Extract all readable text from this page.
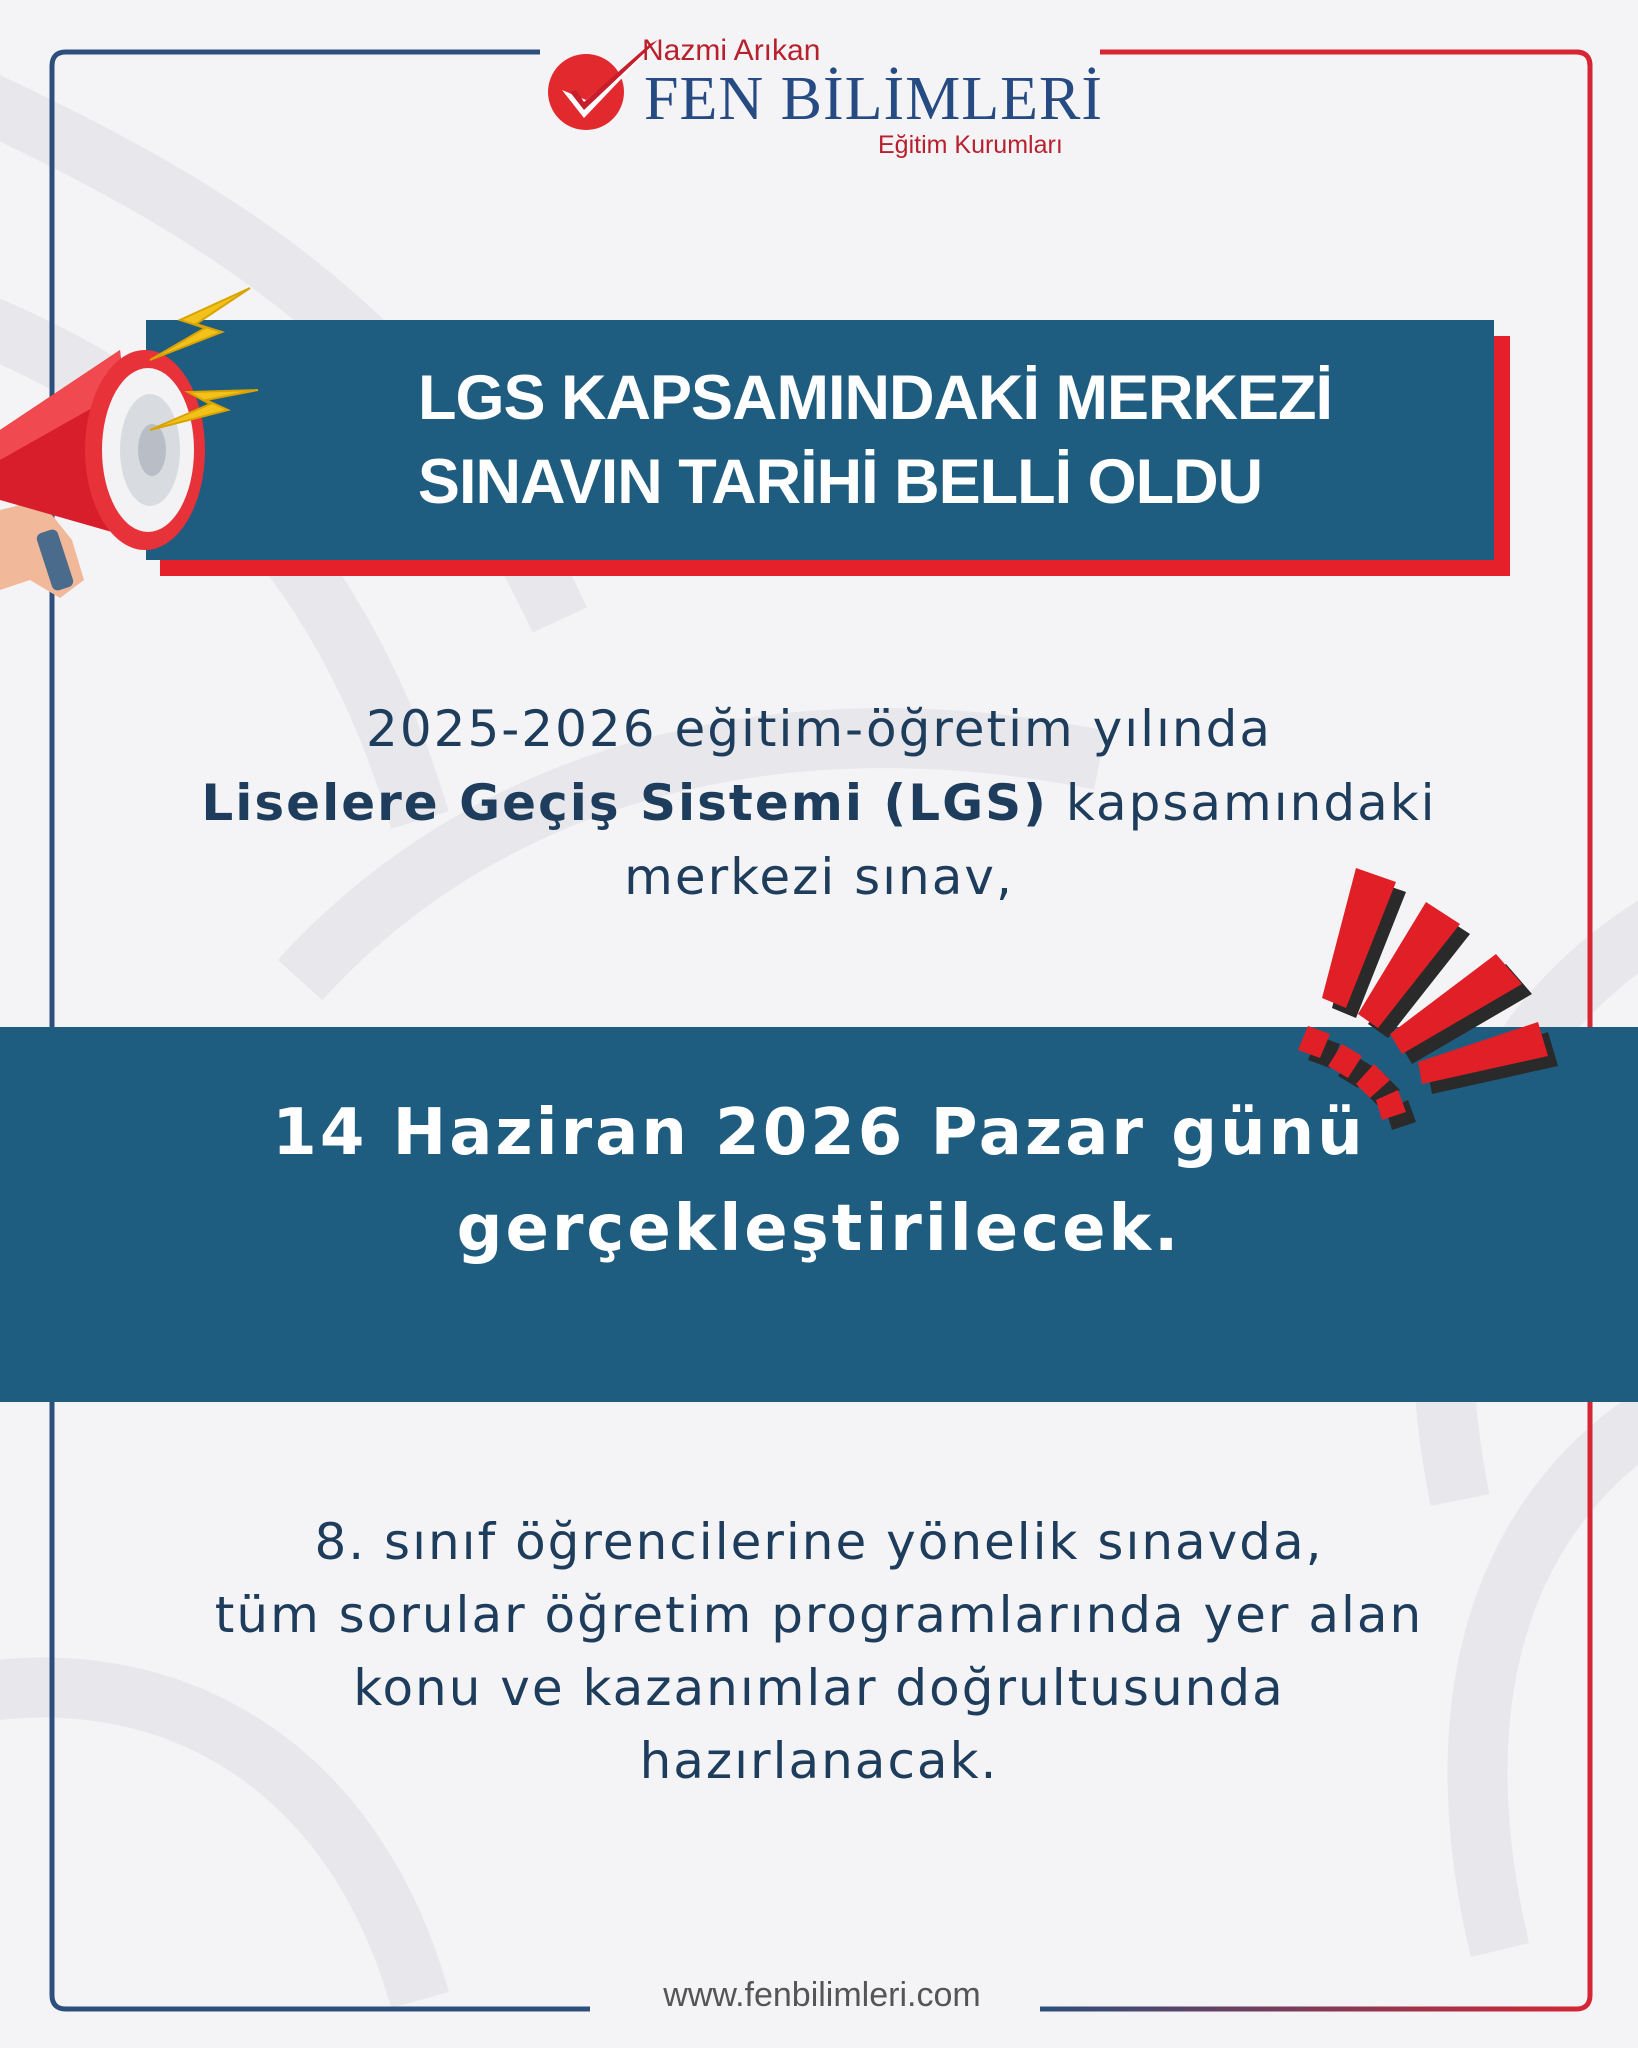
Nazmi Arıkan
FEN BİLİMLERİ
Eğitim Kurumları
LGS KAPSAMINDAKİ MERKEZİ
SINAVIN TARİHİ BELLİ OLDU
2025-2026 eğitim-öğretim yılında
Liselere Geçiş Sistemi (LGS) kapsamındaki
merkezi sınav,
14 Haziran 2026 Pazar günü
gerçekleştirilecek.
8. sınıf öğrencilerine yönelik sınavda,
tüm sorular öğretim programlarında yer alan
konu ve kazanımlar doğrultusunda
hazırlanacak.
www.fenbilimleri.com
